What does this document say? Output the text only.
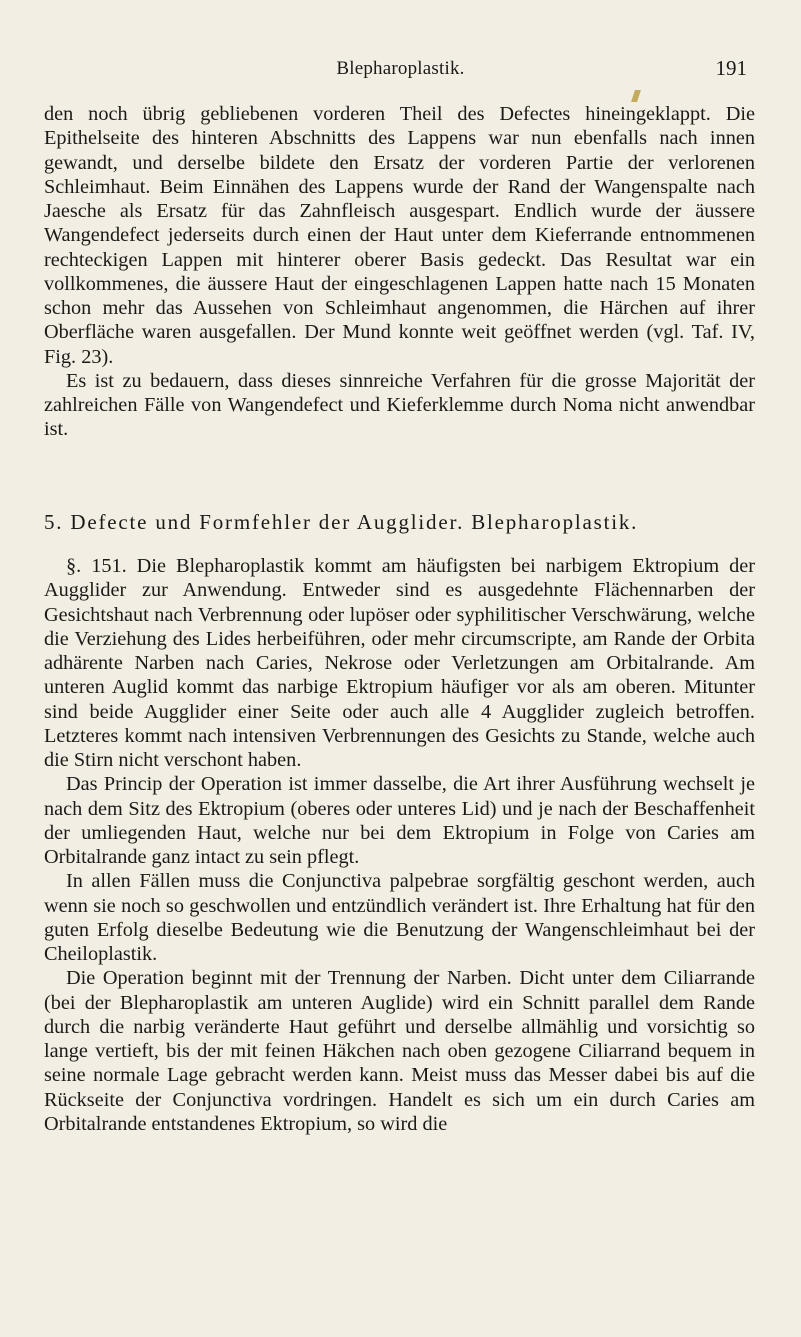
Blepharoplastik.	191

den noch übrig gebliebenen vorderen Theil des Defectes hineingeklappt. Die Epithelseite des hinteren Abschnitts des Lappens war nun ebenfalls nach innen gewandt, und derselbe bildete den Ersatz der vorderen Partie der verlorenen Schleimhaut. Beim Einnähen des Lappens wurde der Rand der Wangenspalte nach Jaesche als Ersatz für das Zahnfleisch ausgespart. Endlich wurde der äussere Wangendefect jederseits durch einen der Haut unter dem Kieferrande entnommenen rechteckigen Lappen mit hinterer oberer Basis gedeckt. Das Resultat war ein vollkommenes, die äussere Haut der eingeschlagenen Lappen hatte nach 15 Monaten schon mehr das Aussehen von Schleimhaut angenommen, die Härchen auf ihrer Oberfläche waren ausgefallen. Der Mund konnte weit geöffnet werden (vgl. Taf. IV, Fig. 23).

Es ist zu bedauern, dass dieses sinnreiche Verfahren für die grosse Majorität der zahlreichen Fälle von Wangendefect und Kieferklemme durch Noma nicht anwendbar ist.

5. Defecte und Formfehler der Augglider. Blepharoplastik.

§. 151. Die Blepharoplastik kommt am häufigsten bei narbigem Ektropium der Augglider zur Anwendung. Entweder sind es ausgedehnte Flächennarben der Gesichtshaut nach Verbrennung oder lupöser oder syphilitischer Verschwärung, welche die Verziehung des Lides herbeiführen, oder mehr circumscripte, am Rande der Orbita adhärente Narben nach Caries, Nekrose oder Verletzungen am Orbitalrande. Am unteren Auglid kommt das narbige Ektropium häufiger vor als am oberen. Mitunter sind beide Augglider einer Seite oder auch alle 4 Augglider zugleich betroffen. Letzteres kommt nach intensiven Verbrennungen des Gesichts zu Stande, welche auch die Stirn nicht verschont haben.

Das Princip der Operation ist immer dasselbe, die Art ihrer Ausführung wechselt je nach dem Sitz des Ektropium (oberes oder unteres Lid) und je nach der Beschaffenheit der umliegenden Haut, welche nur bei dem Ektropium in Folge von Caries am Orbitalrande ganz intact zu sein pflegt.

In allen Fällen muss die Conjunctiva palpebrae sorgfältig geschont werden, auch wenn sie noch so geschwollen und entzündlich verändert ist. Ihre Erhaltung hat für den guten Erfolg dieselbe Bedeutung wie die Benutzung der Wangenschleimhaut bei der Cheiloplastik.

Die Operation beginnt mit der Trennung der Narben. Dicht unter dem Ciliarrande (bei der Blepharoplastik am unteren Auglide) wird ein Schnitt parallel dem Rande durch die narbig veränderte Haut geführt und derselbe allmählig und vorsichtig so lange vertieft, bis der mit feinen Häkchen nach oben gezogene Ciliarrand bequem in seine normale Lage gebracht werden kann. Meist muss das Messer dabei bis auf die Rückseite der Conjunctiva vordringen. Handelt es sich um ein durch Caries am Orbitalrande entstandenes Ektropium, so wird die
